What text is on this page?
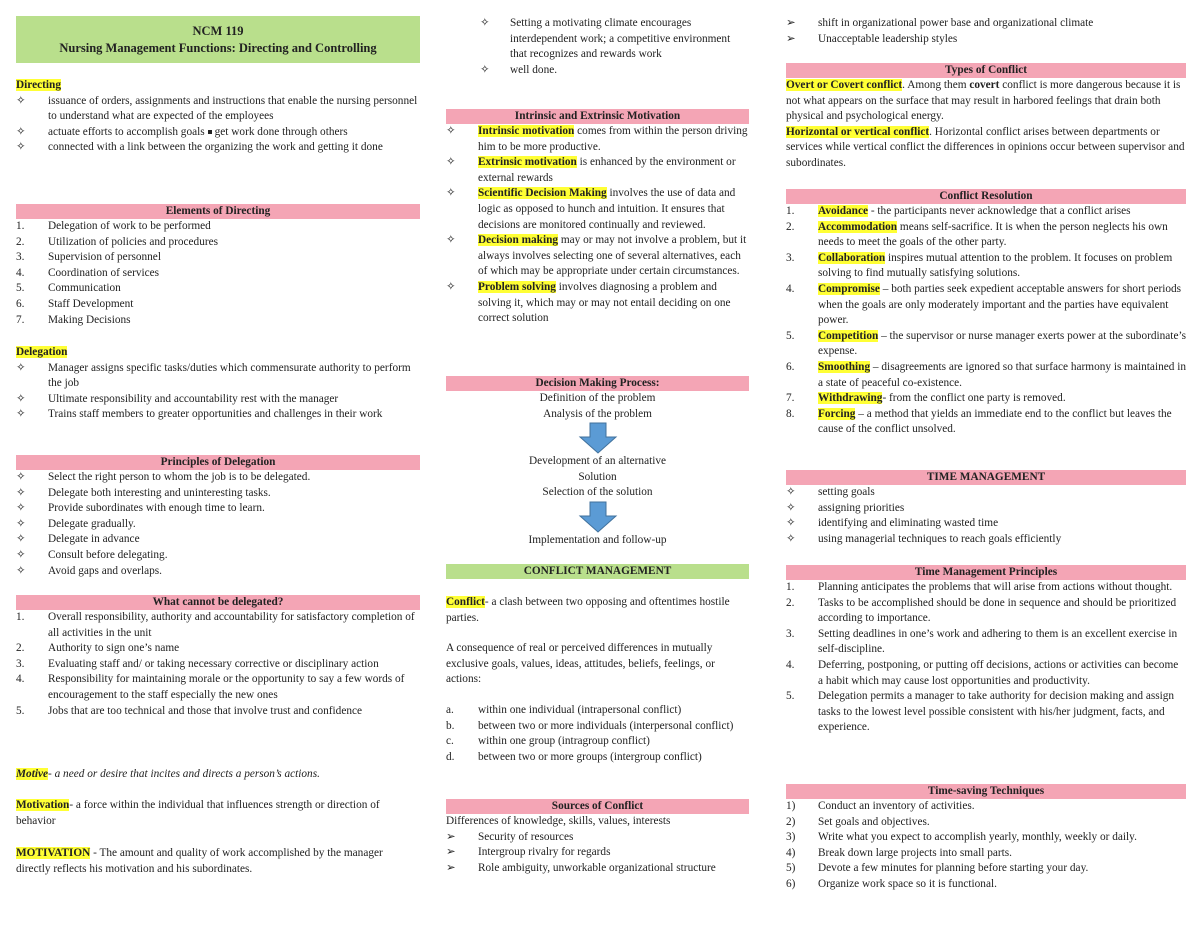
NCM 119
Nursing Management Functions: Directing and Controlling

Directing

✧	issuance of orders, assignments and instructions that enable the nursing personnel to understand what are expected of the employees
✧	actuate efforts to accomplish goals get work done through others
✧	connected with a link between the organizing the work and getting it done
Elements of Directing
1.	Delegation of work to be performed
2.	Utilization of policies and procedures
3.	Supervision of personnel
4.	Coordination of services
5.	Communication
6.	Staff Development
7.	Making Decisions

Delegation

✧	Manager assigns specific tasks/duties which commensurate authority to perform the job
✧	Ultimate responsibility and accountability rest with the manager
✧	Trains staff members to greater opportunities and challenges in their work
Principles of Delegation
✧	Select the right person to whom the job is to be delegated.
✧	Delegate both interesting and uninteresting tasks.
✧	Provide subordinates with enough time to learn.
✧	Delegate gradually.
✧	Delegate in advance
✧	Consult before delegating.
✧	Avoid gaps and overlaps.
What cannot be delegated?
1.	Overall responsibility, authority and accountability for satisfactory completion of all activities in the unit
2.	Authority to sign one’s name
3.	Evaluating staff and/ or taking necessary corrective or disciplinary action
4.	Responsibility for maintaining morale or the opportunity to say a few words of encouragement to the staff especially the new ones
5.	Jobs that are too technical and those that involve trust and confidence

Motive- a need or desire that incites and directs a person’s actions.

Motivation- a force within the individual that influences strength or direction of behavior

MOTIVATION - The amount and quality of work accomplished by the manager directly reflects his motivation and his subordinates.

✧	Setting a motivating climate encourages interdependent work; a competitive environment that recognizes and rewards work
✧	well done.
Intrinsic and Extrinsic Motivation
✧	Intrinsic motivation comes from within the person driving him to be more productive.
✧	Extrinsic motivation is enhanced by the environment or external rewards
✧	Scientific Decision Making involves the use of data and logic as opposed to hunch and intuition. It ensures that decisions are monitored continually and reviewed.
✧	Decision making may or may not involve a problem, but it always involves selecting one of several alternatives, each of which may be appropriate under certain circumstances.
✧	Problem solving involves diagnosing a problem and solving it, which may or may not entail deciding on one correct solution
Decision Making Process:
Definition of the problem
Analysis of the problem
Development of an alternative
Solution
Selection of the solution
Implementation and follow-up
CONFLICT MANAGEMENT

Conflict- a clash between two opposing and oftentimes hostile parties.

A consequence of real or perceived differences in mutually exclusive goals, values, ideas, attitudes, beliefs, feelings, or actions:

a.	within one individual (intrapersonal conflict)
b.	between two or more individuals (interpersonal conflict)
c.	within one group (intragroup conflict)
d.	between two or more groups (intergroup conflict)
Sources of Conflict

Differences of knowledge, skills, values, interests

➢	Security of resources
➢	Intergroup rivalry for regards
➢	Role ambiguity, unworkable organizational structure
➢	shift in organizational power base and organizational climate
➢	Unacceptable leadership styles
Types of Conflict

Overt or Covert conflict. Among them covert conflict is more dangerous because it is not what appears on the surface that may result in harbored feelings that drain both physical and psychological energy.

Horizontal or vertical conflict. Horizontal conflict arises between departments or services while vertical conflict the differences in opinions occur between supervisor and subordinates.

Conflict Resolution
1.	Avoidance - the participants never acknowledge that a conflict arises
2.	Accommodation means self-sacrifice. It is when the person neglects his own needs to meet the goals of the other party.
3.	Collaboration inspires mutual attention to the problem. It focuses on problem solving to find mutually satisfying solutions.
4.	Compromise – both parties seek expedient acceptable answers for short periods when the goals are only moderately important and the parties have equivalent power.
5.	Competition – the supervisor or nurse manager exerts power at the subordinate’s expense.
6.	Smoothing – disagreements are ignored so that surface harmony is maintained in a state of peaceful co-existence.
7.	Withdrawing- from the conflict one party is removed.
8.	Forcing – a method that yields an immediate end to the conflict but leaves the cause of the conflict unsolved.
TIME MANAGEMENT
✧	setting goals
✧	assigning priorities
✧	identifying and eliminating wasted time
✧	using managerial techniques to reach goals efficiently
Time Management Principles
1.	Planning anticipates the problems that will arise from actions without thought.
2.	Tasks to be accomplished should be done in sequence and should be prioritized according to importance.
3.	Setting deadlines in one’s work and adhering to them is an excellent exercise in self-discipline.
4.	Deferring, postponing, or putting off decisions, actions or activities can become a habit which may cause lost opportunities and productivity.
5.	Delegation permits a manager to take authority for decision making and assign tasks to the lowest level possible consistent with his/her judgment, facts, and experience.
Time-saving Techniques
1)	Conduct an inventory of activities.
2)	Set goals and objectives.
3)	Write what you expect to accomplish yearly, monthly, weekly or daily.
4)	Break down large projects into small parts.
5)	Devote a few minutes for planning before starting your day.
6)	Organize work space so it is functional.
